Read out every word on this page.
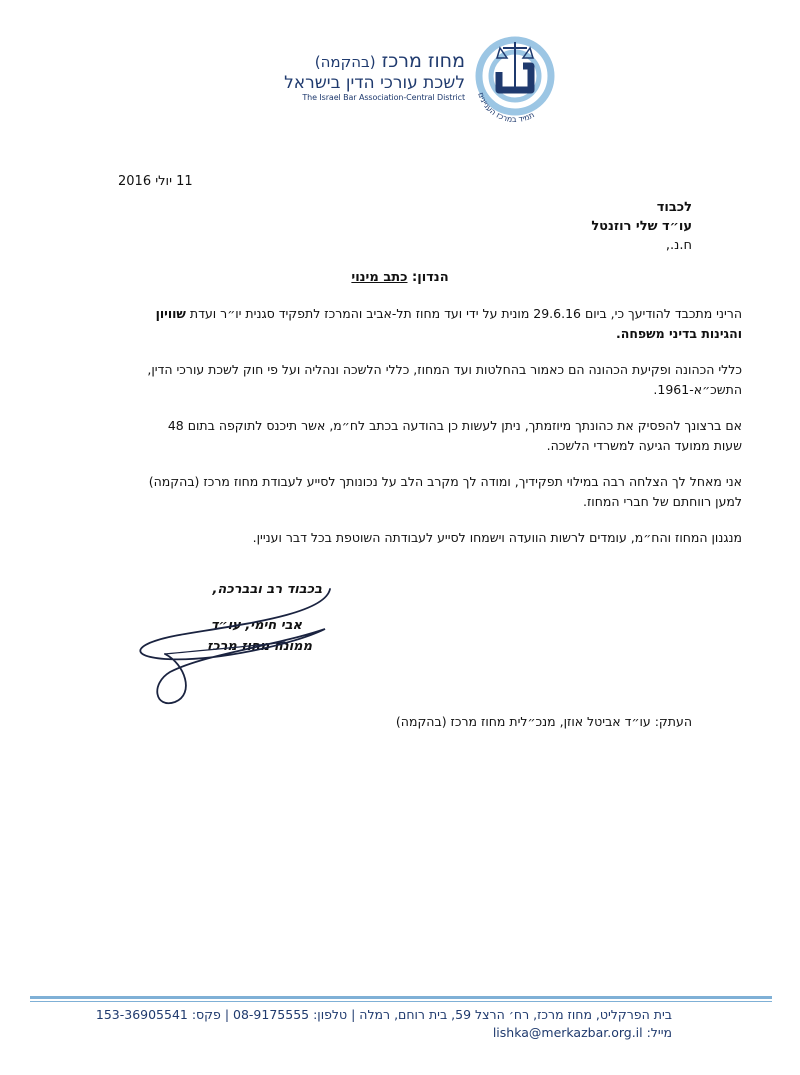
מחוז מרכז (בהקמה)
לשכת עורכי הדין בישראל
The Israel Bar Association-Central District תמיד במרכז העניינים
11 יולי 2016
לכבוד
עו״ד שלי רוזנטל
ח.נ.,
הנדון: כתב מינוי
הריני מתכבד להודיעך כי, ביום 29.6.16 מונית על ידי ועד מחוז תל-אביב והמרכז לתפקיד סגנית יו״ר ועדת שוויון והגינות בדיני משפחה.
כללי הכהונה ופקיעת הכהונה הם כאמור בהחלטות ועד המחוז, כללי הלשכה ונהליה ועל פי חוק לשכת עורכי הדין, התשכ״א-1961.
אם ברצונך להפסיק את כהונתך מיוזמתך, ניתן לעשות כן בהודעה בכתב לח״מ, אשר תיכנס לתוקפה בתום 48 שעות ממועד הגיעה למשרדי הלשכה.
אני מאחל לך הצלחה רבה במילוי תפקידיך, ומודה לך מקרב הלב על נכונותך לסייע לעבודת מחוז מרכז (בהקמה) למען רווחתם של חברי המחוז.
מנגנון המחוז והח״מ, עומדים לרשות הוועדה וישמחו לסייע לעבודתה השוטפת בכל דבר ועניין.
בכבוד רב ובברכה,
אבי חימי, עו״ד
ממונה מחוז מרכז
העתק: עו״ד אביטל אוזן, מנכ״לית מחוז מרכז (בהקמה)
בית הפרקליט, מחוז מרכז, רח׳ הרצל 59, בית רוחם, רמלה | טלפון: 08-9175555 | פקס: 153-36905541
מייל: lishka@merkazbar.org.il
